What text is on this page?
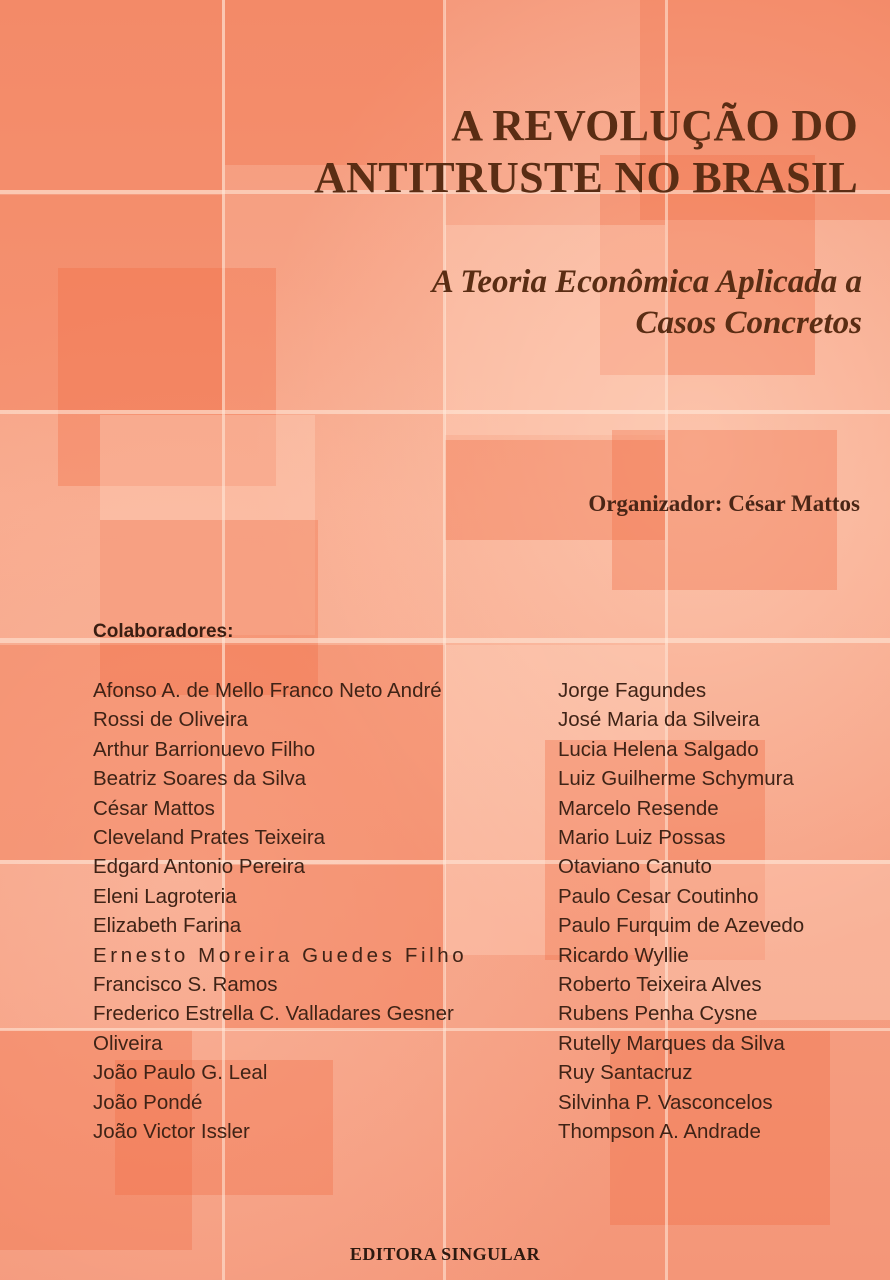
A REVOLUÇÃO DO
ANTITRUSTE NO BRASIL
A Teoria Econômica Aplicada a
Casos Concretos
Organizador: César Mattos
Colaboradores:
Afonso A. de Mello Franco Neto André
Rossi de Oliveira
Arthur Barrionuevo Filho
Beatriz Soares da Silva
César Mattos
Cleveland Prates Teixeira
Edgard Antonio Pereira
Eleni Lagroteria
Elizabeth Farina
Ernesto Moreira Guedes Filho
Francisco S. Ramos
Frederico Estrella C. Valladares Gesner
Oliveira
João Paulo G. Leal
João Pondé
João Victor Issler
Jorge Fagundes
José Maria da Silveira
Lucia Helena Salgado
Luiz Guilherme Schymura
Marcelo Resende
Mario Luiz Possas
Otaviano Canuto
Paulo Cesar Coutinho
Paulo Furquim de Azevedo
Ricardo Wyllie
Roberto Teixeira Alves
Rubens Penha Cysne
Rutelly Marques da Silva
Ruy Santacruz
Silvinha P. Vasconcelos
Thompson A. Andrade
EDITORA SINGULAR
